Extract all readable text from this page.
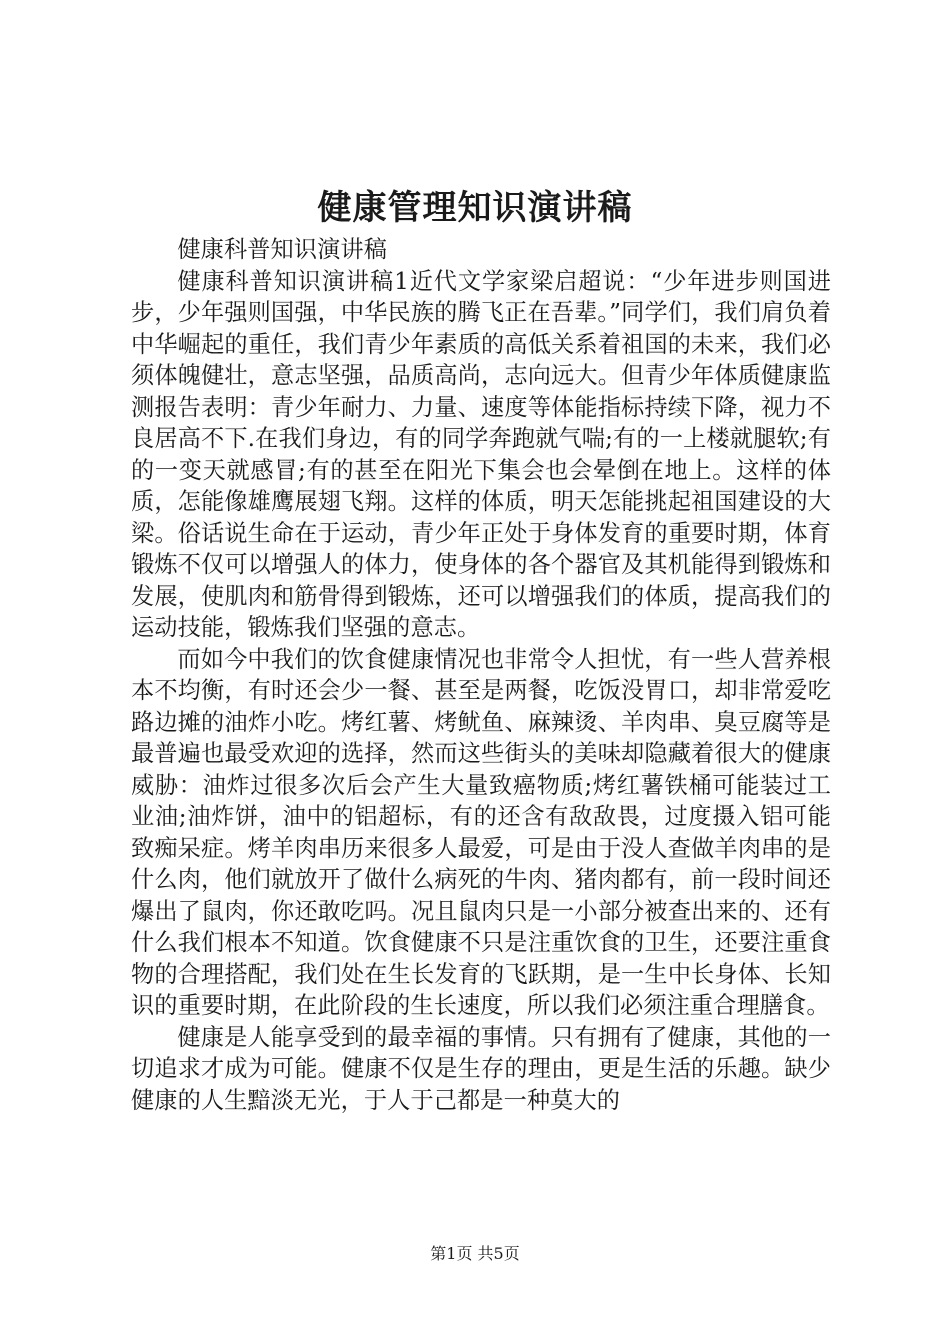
健康管理知识演讲稿

健康科普知识演讲稿

健康科普知识演讲稿1近代文学家梁启超说：“少年进步则国进步，少年强则国强，中华民族的腾飞正在吾辈。”同学们，我们肩负着中华崛起的重任，我们青少年素质的高低关系着祖国的未来，我们必须体魄健壮，意志坚强，品质高尚，志向远大。但青少年体质健康监测报告表明：青少年耐力、力量、速度等体能指标持续下降，视力不良居高不下.在我们身边，有的同学奔跑就气喘;有的一上楼就腿软;有的一变天就感冒;有的甚至在阳光下集会也会晕倒在地上。这样的体质，怎能像雄鹰展翅飞翔。这样的体质，明天怎能挑起祖国建设的大梁。俗话说生命在于运动，青少年正处于身体发育的重要时期，体育锻炼不仅可以增强人的体力，使身体的各个器官及其机能得到锻炼和发展，使肌肉和筋骨得到锻炼，还可以增强我们的体质，提高我们的运动技能，锻炼我们坚强的意志。

而如今中我们的饮食健康情况也非常令人担忧，有一些人营养根本不均衡，有时还会少一餐、甚至是两餐，吃饭没胃口，却非常爱吃路边摊的油炸小吃。烤红薯、烤鱿鱼、麻辣烫、羊肉串、臭豆腐等是最普遍也最受欢迎的选择，然而这些街头的美味却隐藏着很大的健康威胁：油炸过很多次后会产生大量致癌物质;烤红薯铁桶可能装过工业油;油炸饼，油中的铝超标，有的还含有敌敌畏，过度摄入铝可能致痴呆症。烤羊肉串历来很多人最爱，可是由于没人查做羊肉串的是什么肉，他们就放开了做什么病死的牛肉、猪肉都有，前一段时间还爆出了鼠肉，你还敢吃吗。况且鼠肉只是一小部分被查出来的、还有什么我们根本不知道。饮食健康不只是注重饮食的卫生，还要注重食物的合理搭配，我们处在生长发育的飞跃期，是一生中长身体、长知识的重要时期，在此阶段的生长速度，所以我们必须注重合理膳食。

健康是人能享受到的最幸福的事情。只有拥有了健康，其他的一切追求才成为可能。健康不仅是生存的理由，更是生活的乐趣。缺少健康的人生黯淡无光，于人于己都是一种莫大的

第1页 共5页
